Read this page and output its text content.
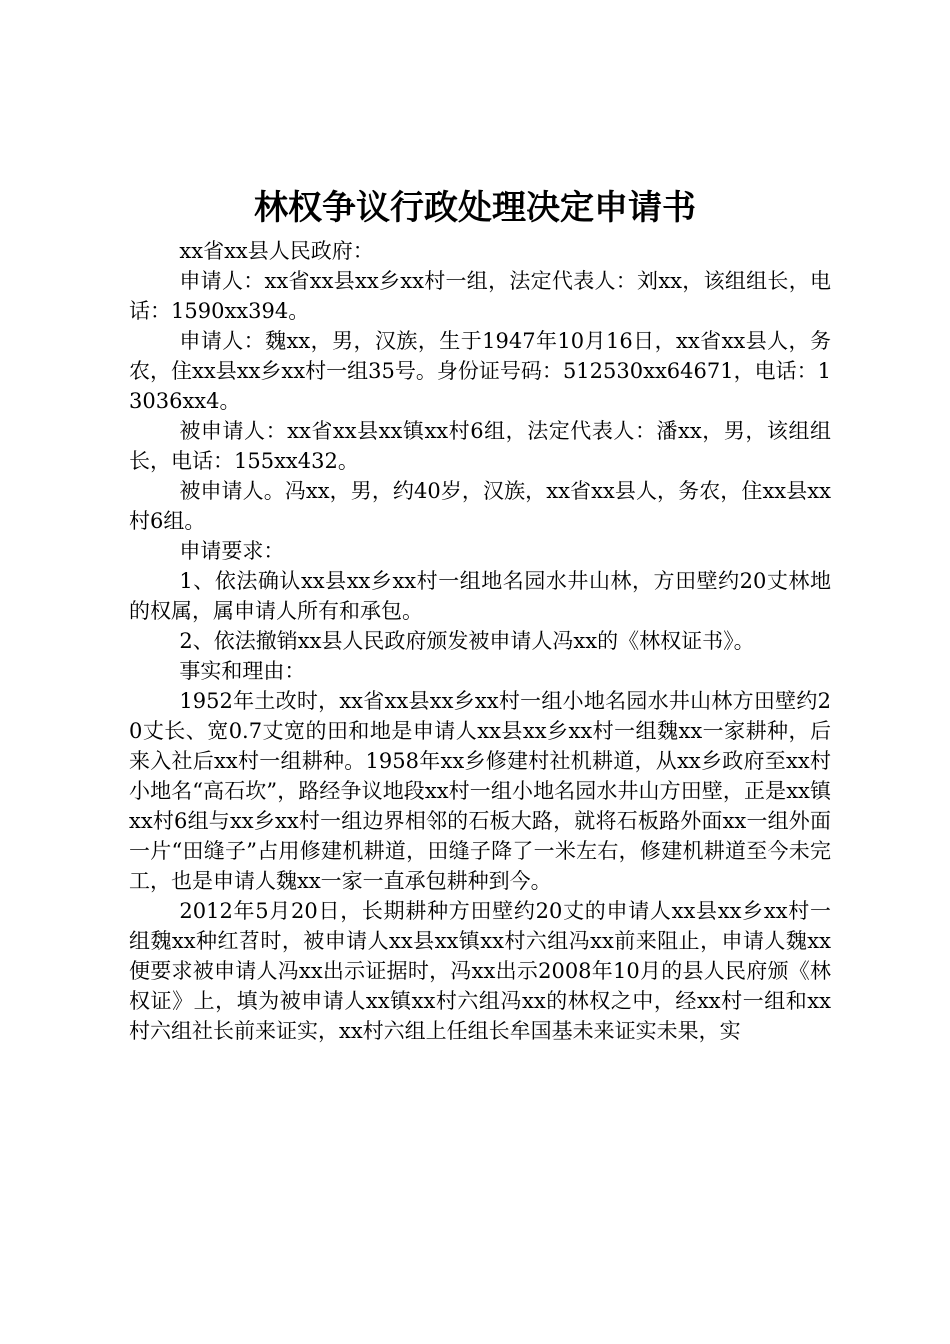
林权争议行政处理决定申请书

xx省xx县人民政府：

申请人：xx省xx县xx乡xx村一组，法定代表人：刘xx，该组组长，电话：1590xx394。

申请人：魏xx，男，汉族，生于1947年10月16日，xx省xx县人，务农，住xx县xx乡xx村一组35号。身份证号码：512530xx64671，电话：13036xx4。

被申请人：xx省xx县xx镇xx村6组，法定代表人：潘xx，男，该组组长，电话：155xx432。

被申请人。冯xx，男，约40岁，汉族，xx省xx县人，务农，住xx县xx村6组。

申请要求：

1、依法确认xx县xx乡xx村一组地名园水井山林，方田壁约20丈林地的权属，属申请人所有和承包。

2、依法撤销xx县人民政府颁发被申请人冯xx的《林权证书》。

事实和理由：

1952年土改时，xx省xx县xx乡xx村一组小地名园水井山林方田壁约20丈长、宽0.7丈宽的田和地是申请人xx县xx乡xx村一组魏xx一家耕种，后来入社后xx村一组耕种。1958年xx乡修建村社机耕道，从xx乡政府至xx村小地名“高石坎”，路经争议地段xx村一组小地名园水井山方田壁，正是xx镇xx村6组与xx乡xx村一组边界相邻的石板大路，就将石板路外面xx一组外面一片“田缝子”占用修建机耕道，田缝子降了一米左右，修建机耕道至今未完工，也是申请人魏xx一家一直承包耕种到今。

2012年5月20日，长期耕种方田壁约20丈的申请人xx县xx乡xx村一组魏xx种红苕时，被申请人xx县xx镇xx村六组冯xx前来阻止，申请人魏xx便要求被申请人冯xx出示证据时，冯xx出示2008年10月的县人民府颁《林权证》上，填为被申请人xx镇xx村六组冯xx的林权之中，经xx村一组和xx村六组社长前来证实，xx村六组上任组长牟国基未来证实未果，实
